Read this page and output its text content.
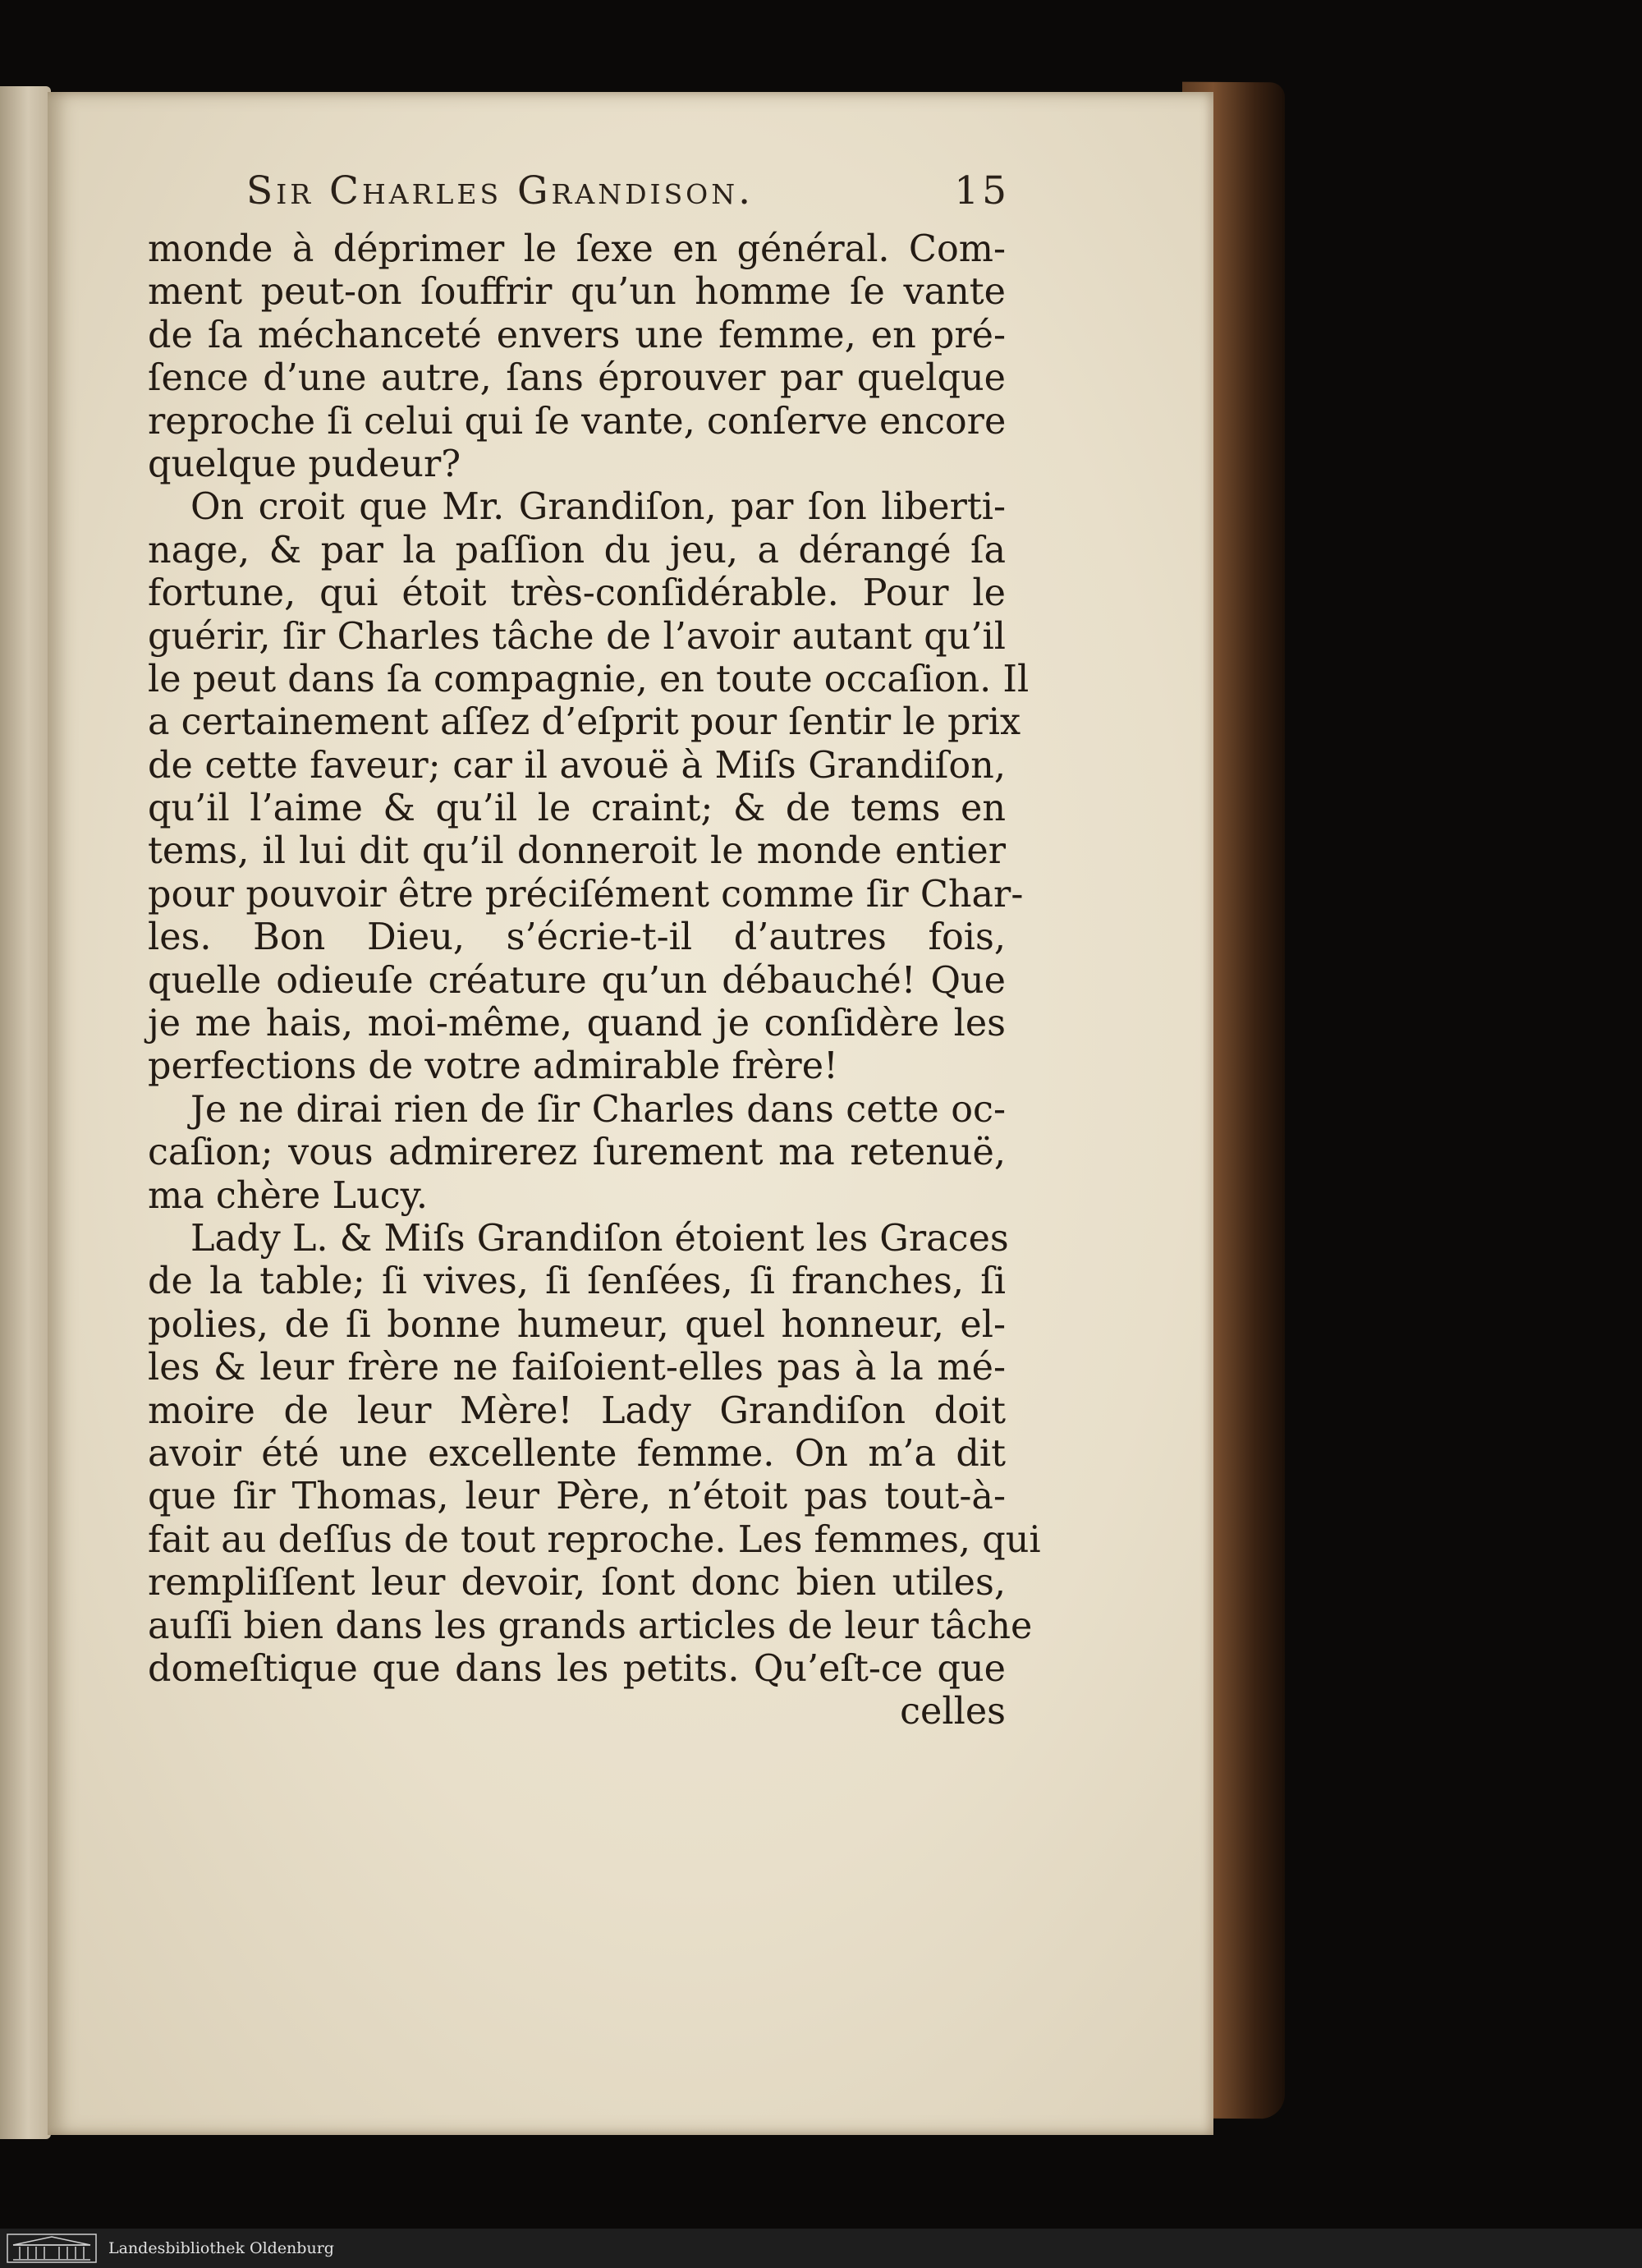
Sir Charles Grandison.	15
monde à déprimer le ſexe en général. Com-
ment peut-on ſouffrir qu’un homme ſe vante
de ſa méchanceté envers une femme, en pré-
ſence d’une autre, ſans éprouver par quelque
reproche ſi celui qui ſe vante, conſerve encore
quelque pudeur?
On croit que Mr. Grandiſon, par ſon liberti-
nage, & par la paſſion du jeu, a dérangé ſa
fortune, qui étoit très-conſidérable. Pour le
guérir, ſir Charles tâche de l’avoir autant qu’il
le peut dans ſa compagnie, en toute occaſion. Il
a certainement aſſez d’eſprit pour ſentir le prix
de cette faveur; car il avouë à Miſs Grandiſon,
qu’il l’aime & qu’il le craint; & de tems en
tems, il lui dit qu’il donneroit le monde entier
pour pouvoir être préciſément comme ſir Char-
les. Bon Dieu, s’écrie-t-il d’autres fois,
quelle odieuſe créature qu’un débauché! Que
je me hais, moi-même, quand je conſidère les
perfections de votre admirable frère!
Je ne dirai rien de ſir Charles dans cette oc-
caſion; vous admirerez ſurement ma retenuë,
ma chère Lucy.
Lady L. & Miſs Grandiſon étoient les Graces
de la table; ſi vives, ſi ſenſées, ſi franches, ſi
polies, de ſi bonne humeur, quel honneur, el-
les & leur frère ne faiſoient-elles pas à la mé-
moire de leur Mère! Lady Grandiſon doit
avoir été une excellente femme. On m’a dit
que ſir Thomas, leur Père, n’étoit pas tout-à-
fait au deſſus de tout reproche. Les femmes, qui
rempliſſent leur devoir, ſont donc bien utiles,
auſſi bien dans les grands articles de leur tâche
domeſtique que dans les petits. Qu’eſt-ce que
celles
Landesbibliothek Oldenburg
